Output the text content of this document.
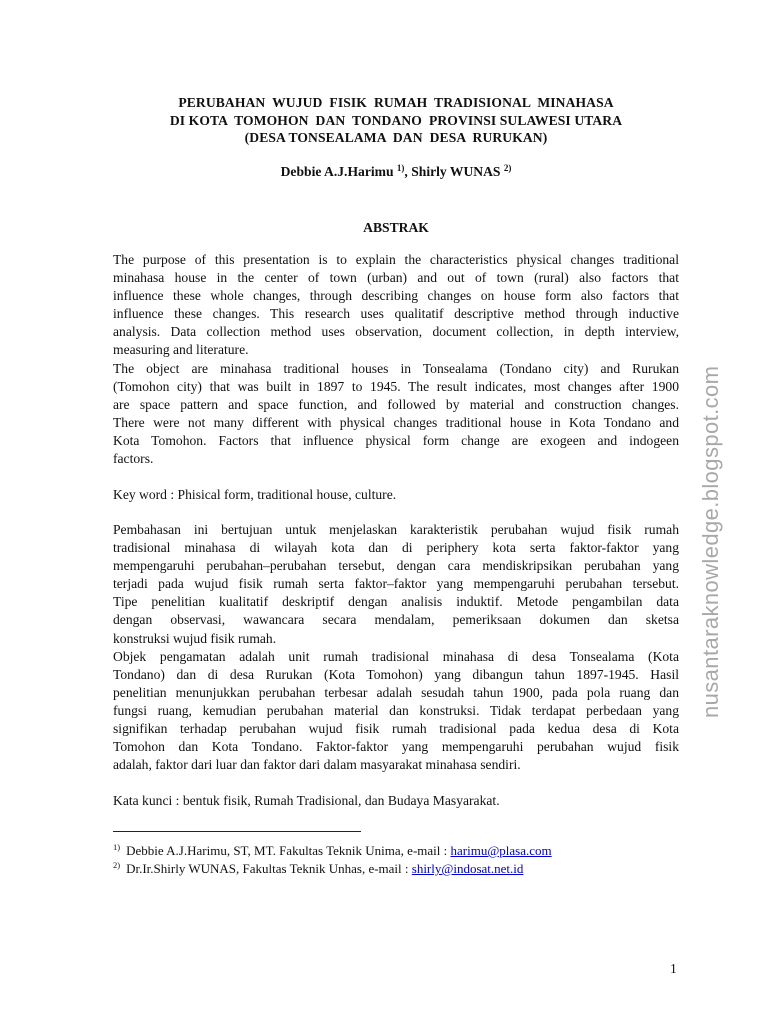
PERUBAHAN  WUJUD  FISIK  RUMAH  TRADISIONAL  MINAHASA
DI KOTA  TOMOHON  DAN  TONDANO  PROVINSI SULAWESI UTARA
(DESA TONSEALAMA  DAN  DESA  RURUKAN)
Debbie A.J.Harimu $^{1)}$, Shirly WUNAS $^{2)}$
ABSTRAK

The purpose of this presentation is to explain the characteristics physical changes traditional
minahasa house in the center of town (urban) and out of town (rural) also factors that
influence these whole changes, through describing changes on house form also factors that
influence these changes. This research uses qualitatif descriptive method through inductive
analysis. Data collection method uses observation, document collection, in depth interview,
measuring and literature.

The object are minahasa traditional houses in Tonsealama (Tondano city) and Rurukan
(Tomohon city) that was built in 1897 to 1945. The result indicates, most changes after 1900
are space pattern and space function, and followed by material and construction changes.
There were not many different with physical changes traditional house in Kota Tondano and
Kota Tomohon. Factors that influence physical form change are exogeen and indogeen
factors.

Key word : Phisical form, traditional house, culture.

Pembahasan ini bertujuan untuk menjelaskan karakteristik perubahan wujud fisik rumah
tradisional minahasa di wilayah kota dan di periphery kota serta faktor-faktor yang
mempengaruhi perubahan–perubahan tersebut, dengan cara mendiskripsikan perubahan yang
terjadi pada wujud fisik rumah serta faktor–faktor yang mempengaruhi perubahan tersebut.
Tipe penelitian kualitatif deskriptif dengan analisis induktif. Metode pengambilan data
dengan observasi, wawancara secara mendalam, pemeriksaan dokumen dan sketsa
konstruksi wujud fisik rumah.

Objek pengamatan adalah unit rumah tradisional minahasa di desa Tonsealama (Kota
Tondano) dan di desa Rurukan (Kota Tomohon) yang dibangun tahun 1897-1945. Hasil
penelitian menunjukkan perubahan terbesar adalah sesudah tahun 1900, pada pola ruang dan
fungsi ruang, kemudian perubahan material dan konstruksi. Tidak terdapat perbedaan yang
signifikan terhadap perubahan wujud fisik rumah tradisional pada kedua desa di Kota
Tomohon dan Kota Tondano. Faktor-faktor yang mempengaruhi perubahan wujud fisik
adalah, faktor dari luar dan faktor dari dalam masyarakat minahasa sendiri.

Kata kunci : bentuk fisik, Rumah Tradisional, dan Budaya Masyarakat.
$^{1)}$ Debbie A.J.Harimu, ST, MT. Fakultas Teknik Unima, e-mail : harimu@plasa.com
$^{2)}$ Dr.Ir.Shirly WUNAS, Fakultas Teknik Unhas, e-mail : shirly@indosat.net.id
1
nusantaraknowledge.blogspot.com
